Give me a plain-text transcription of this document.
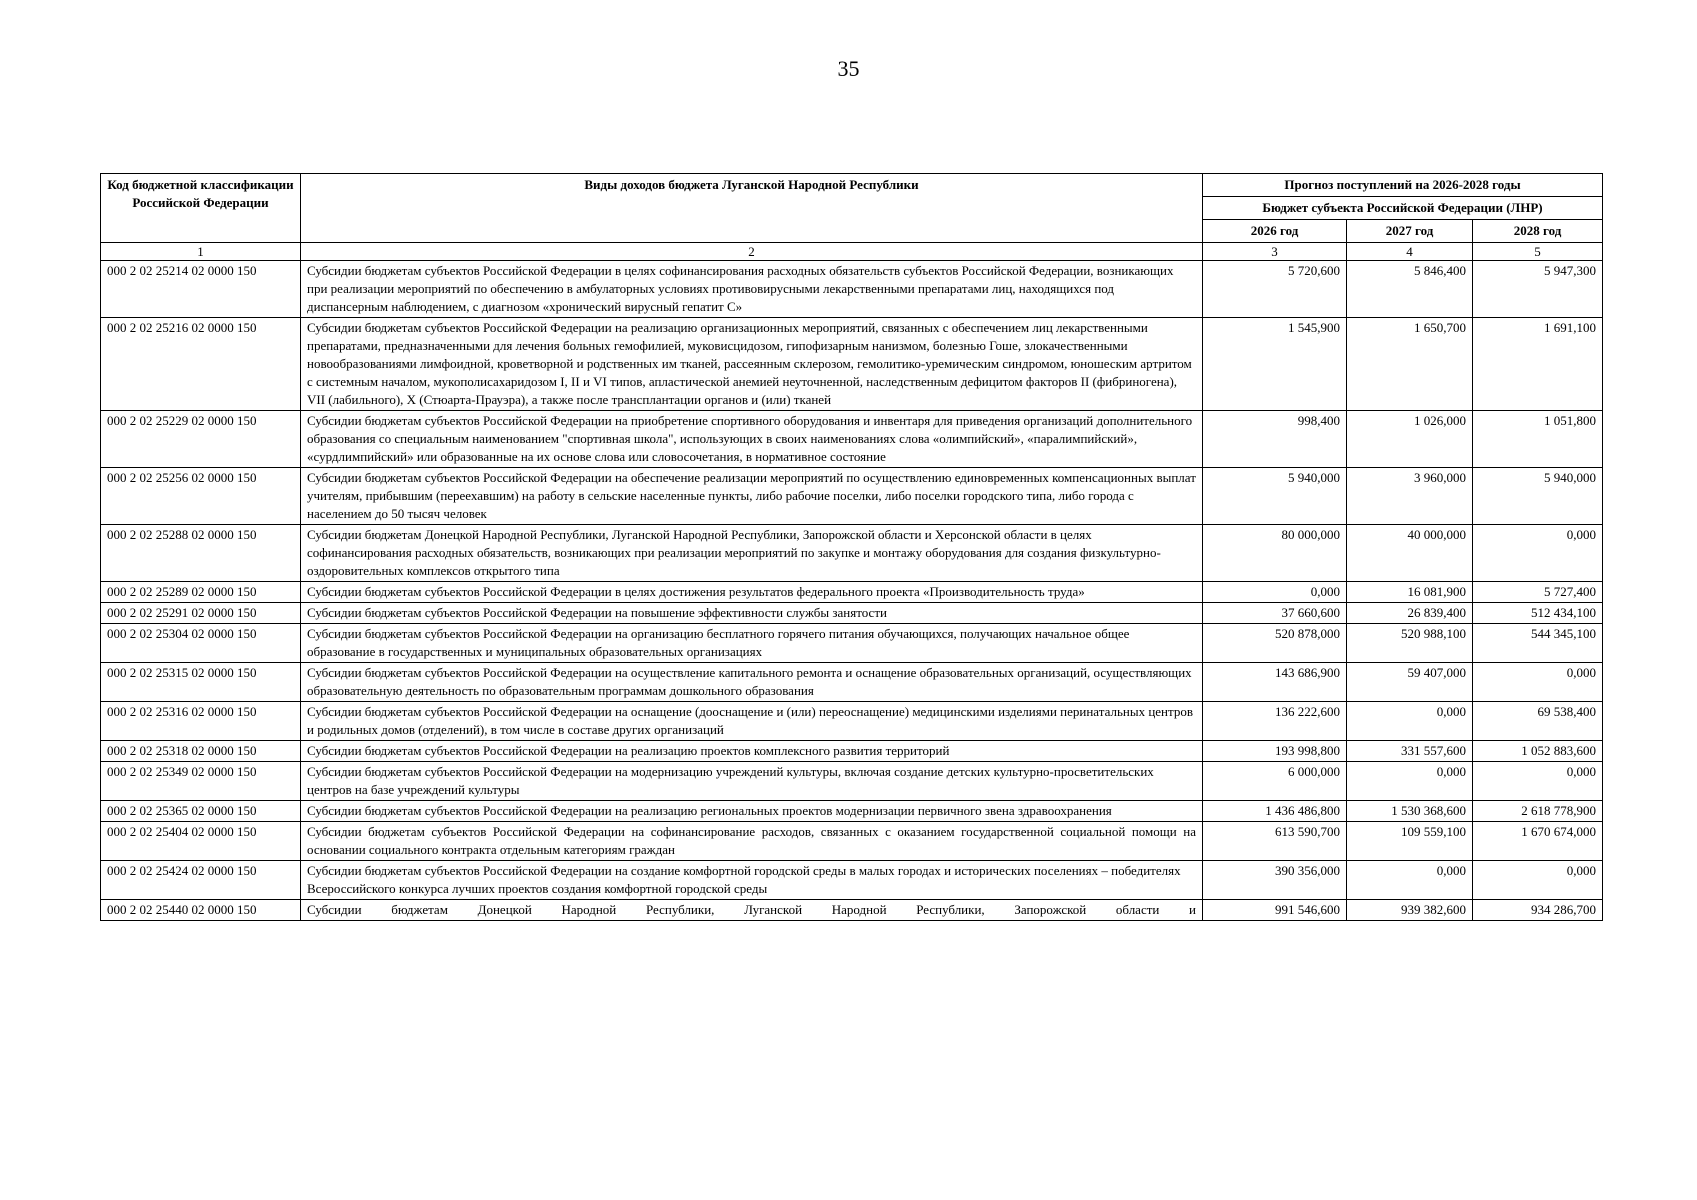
35
Код бюджетной классификации Российской Федерации	Виды доходов бюджета Луганской Народной Республики	Прогноз поступлений на 2026-2028 годы		
		Бюджет субъекта Российской Федерации (ЛНР)		
		2026 год	2027 год	2028 год
1	2	3	4	5
000 2 02 25214 02 0000 150	Субсидии бюджетам субъектов Российской Федерации в целях софинансирования расходных обязательств субъектов Российской Федерации, возникающих при реализации мероприятий по обеспечению в амбулаторных условиях противовирусными лекарственными препаратами лиц, находящихся под диспансерным наблюдением, с диагнозом «хронический вирусный гепатит С»	5 720,600	5 846,400	5 947,300
000 2 02 25216 02 0000 150	Субсидии бюджетам субъектов Российской Федерации на реализацию организационных мероприятий, связанных с обеспечением лиц лекарственными препаратами, предназначенными для лечения больных гемофилией, муковисцидозом, гипофизарным нанизмом, болезнью Гоше, злокачественными новообразованиями лимфоидной, кроветворной и родственных им тканей, рассеянным склерозом, гемолитико-уремическим синдромом, юношеским артритом с системным началом, мукополисахаридозом I, II и VI типов, апластической анемией неуточненной, наследственным дефицитом факторов II (фибриногена), VII (лабильного), X (Стюарта-Прауэра), а также после трансплантации органов и (или) тканей	1 545,900	1 650,700	1 691,100
000 2 02 25229 02 0000 150	Субсидии бюджетам субъектов Российской Федерации на приобретение спортивного оборудования и инвентаря для приведения организаций дополнительного образования со специальным наименованием "спортивная школа", использующих в своих наименованиях слова «олимпийский», «паралимпийский», «сурдлимпийский» или образованные на их основе слова или словосочетания, в нормативное состояние	998,400	1 026,000	1 051,800
000 2 02 25256 02 0000 150	Субсидии бюджетам субъектов Российской Федерации на обеспечение реализации мероприятий по осуществлению единовременных компенсационных выплат учителям, прибывшим (переехавшим) на работу в сельские населенные пункты, либо рабочие поселки, либо поселки городского типа, либо города с населением до 50 тысяч человек	5 940,000	3 960,000	5 940,000
000 2 02 25288 02 0000 150	Субсидии бюджетам Донецкой Народной Республики, Луганской Народной Республики, Запорожской области и Херсонской области в целях софинансирования расходных обязательств, возникающих при реализации мероприятий по закупке и монтажу оборудования для создания физкультурно-оздоровительных комплексов открытого типа	80 000,000	40 000,000	0,000
000 2 02 25289 02 0000 150	Субсидии бюджетам субъектов Российской Федерации в целях достижения результатов федерального проекта «Производительность труда»	0,000	16 081,900	5 727,400
000 2 02 25291 02 0000 150	Субсидии бюджетам субъектов Российской Федерации на повышение эффективности службы занятости	37 660,600	26 839,400	512 434,100
000 2 02 25304 02 0000 150	Субсидии бюджетам субъектов Российской Федерации на организацию бесплатного горячего питания обучающихся, получающих начальное общее образование в государственных и муниципальных образовательных организациях	520 878,000	520 988,100	544 345,100
000 2 02 25315 02 0000 150	Субсидии бюджетам субъектов Российской Федерации на осуществление капитального ремонта и оснащение образовательных организаций, осуществляющих образовательную деятельность по образовательным программам дошкольного образования	143 686,900	59 407,000	0,000
000 2 02 25316 02 0000 150	Субсидии бюджетам субъектов Российской Федерации на оснащение (дооснащение и (или) переоснащение) медицинскими изделиями перинатальных центров и родильных домов (отделений), в том числе в составе других организаций	136 222,600	0,000	69 538,400
000 2 02 25318 02 0000 150	Субсидии бюджетам субъектов Российской Федерации на реализацию проектов комплексного развития территорий	193 998,800	331 557,600	1 052 883,600
000 2 02 25349 02 0000 150	Субсидии бюджетам субъектов Российской Федерации на модернизацию учреждений культуры, включая создание детских культурно-просветительских центров на базе учреждений культуры	6 000,000	0,000	0,000
000 2 02 25365 02 0000 150	Субсидии бюджетам субъектов Российской Федерации на реализацию региональных проектов модернизации первичного звена здравоохранения	1 436 486,800	1 530 368,600	2 618 778,900
000 2 02 25404 02 0000 150	Субсидии бюджетам субъектов Российской Федерации на софинансирование расходов, связанных с оказанием государственной социальной помощи на основании социального контракта отдельным категориям граждан	613 590,700	109 559,100	1 670 674,000
000 2 02 25424 02 0000 150	Субсидии бюджетам субъектов Российской Федерации на создание комфортной городской среды в малых городах и исторических поселениях – победителях Всероссийского конкурса лучших проектов создания комфортной городской среды	390 356,000	0,000	0,000
000 2 02 25440 02 0000 150	Субсидии бюджетам Донецкой Народной Республики, Луганской Народной Республики, Запорожской области и	991 546,600	939 382,600	934 286,700
